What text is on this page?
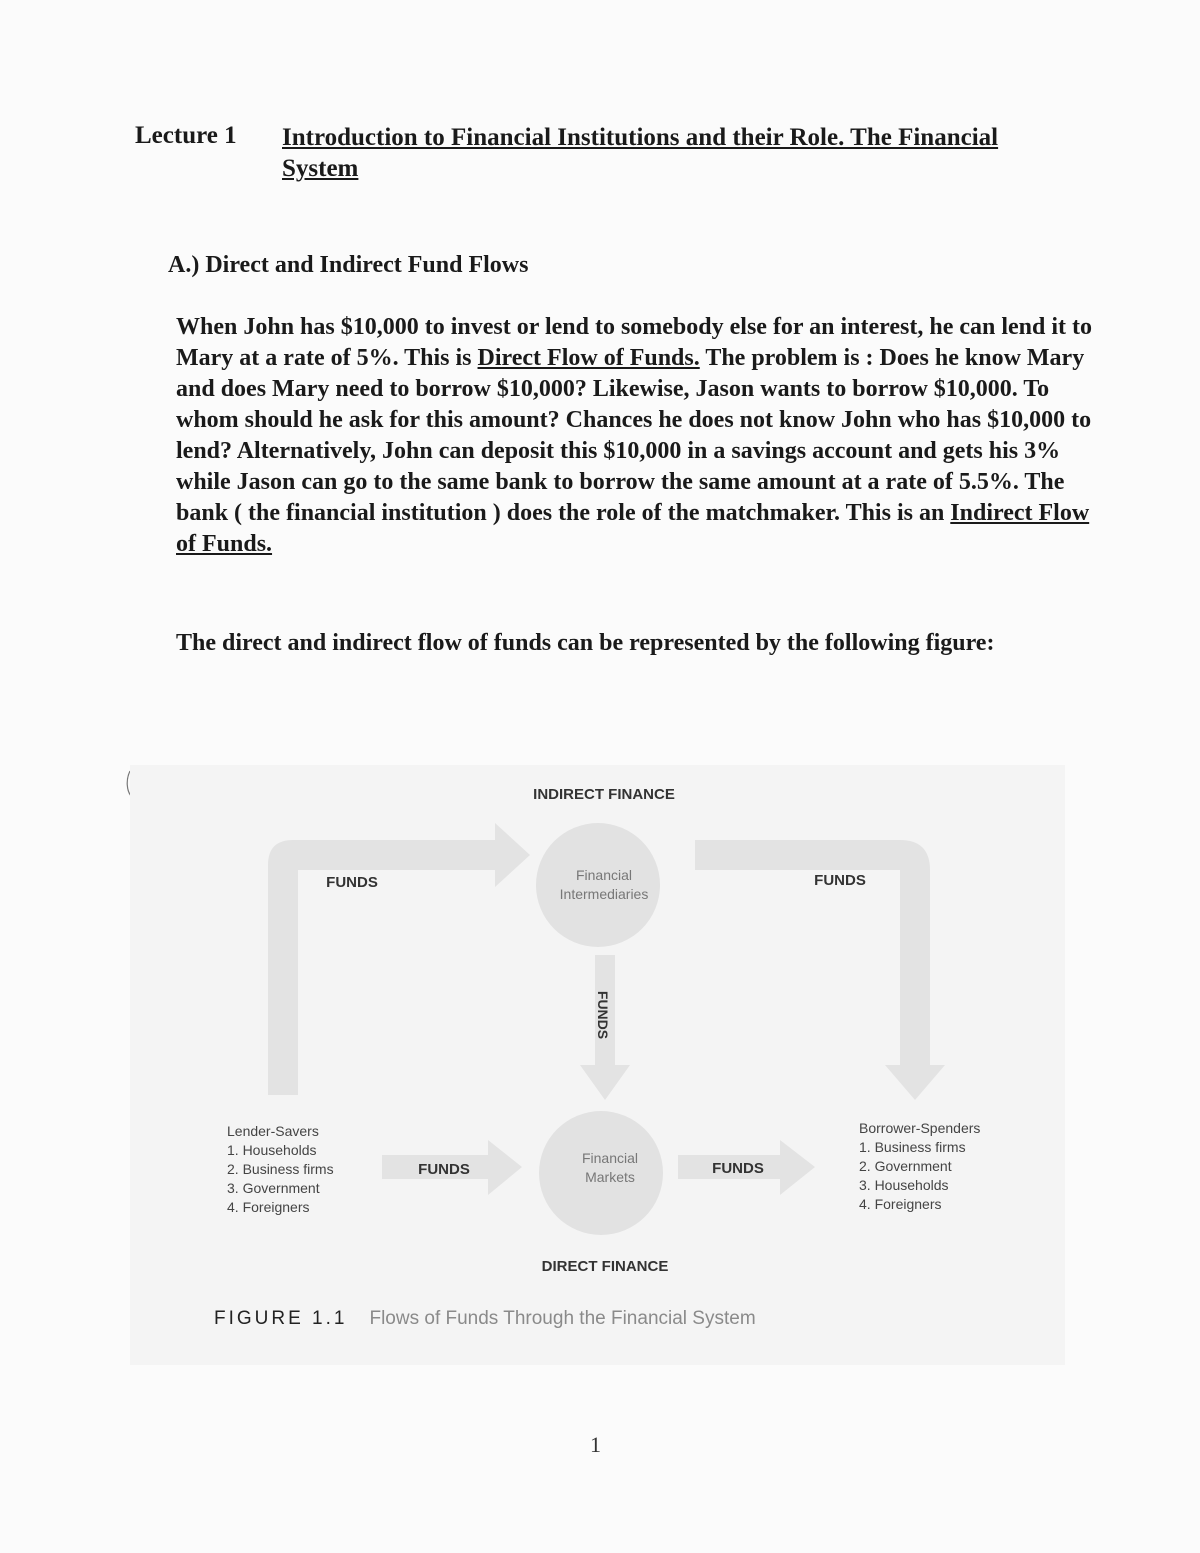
Lecture 1 Introduction to Financial Institutions and their Role. The Financial
System
A.) Direct and Indirect Fund Flows
When John has $10,000 to invest or lend to somebody else for an interest, he can lend it to Mary at a rate of 5%. This is Direct Flow of Funds. The problem is : Does he know Mary and does Mary need to borrow $10,000? Likewise, Jason wants to borrow $10,000. To whom should he ask for this amount? Chances he does not know John who has $10,000 to lend? Alternatively, John can deposit this $10,000 in a savings account and gets his 3% while Jason can go to the same bank to borrow the same amount at a rate of 5.5%. The bank ( the financial institution ) does the role of the matchmaker. This is an Indirect Flow of Funds.
The direct and indirect flow of funds can be represented by the following figure:
INDIRECT FINANCE
DIRECT FINANCE
Financial
Intermediaries
Financial
Markets
FUNDS	FUNDS
FUNDS
FUNDS	FUNDS
Lender-Savers
1. Households
2. Business firms
3. Government
4. Foreigners
Borrower-Spenders
1. Business firms
2. Government
3. Households
4. Foreigners
FIGURE 1.1 Flows of Funds Through the Financial System
1
